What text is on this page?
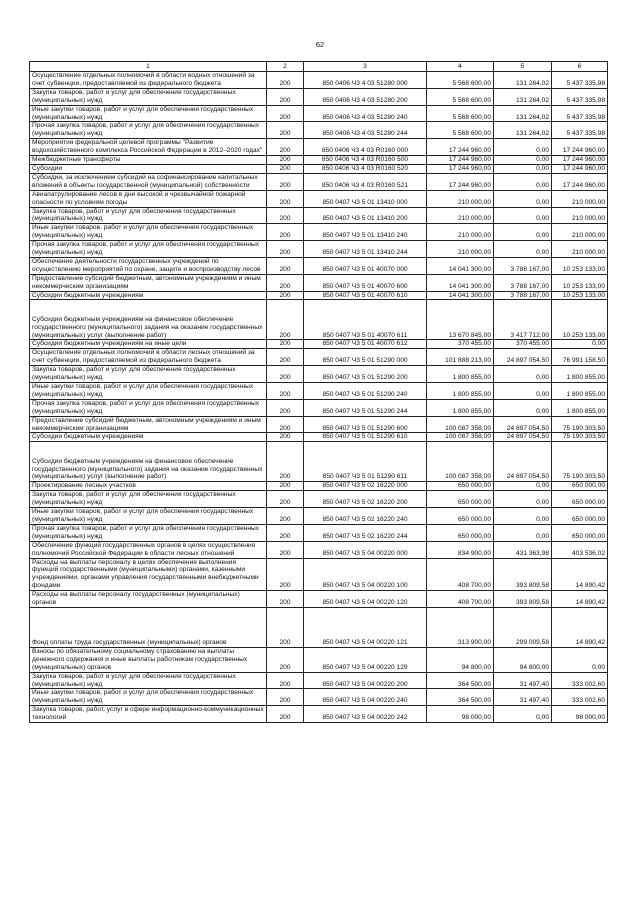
62
1	2	3	4	5	6
Осуществление отдельных полномочий в области водных отношений за счет субвенции, предоставляемой из федерального бюджета	200	850 0406 Ч3 4 03 51280 000	5 568 600,00	131 264,02	5 437 335,98
Закупка товаров, работ и услуг для обеспечения государственных (муниципальных) нужд	200	850 0406 Ч3 4 03 51280 200	5 568 600,00	131 264,02	5 437 335,98
Иные закупки товаров, работ и услуг для обеспечения государственных (муниципальных) нужд	200	850 0406 Ч3 4 03 51280 240	5 568 600,00	131 264,02	5 437 335,98
Прочая закупка товаров, работ и услуг для обеспечения государственных (муниципальных) нужд	200	850 0406 Ч3 4 03 51280 244	5 568 600,00	131 264,02	5 437 335,98
Мероприятия федеральной целевой программы "Развитие водохозяйственного комплекса Российской Федерации в 2012–2020 годах"	200	850 0406 Ч3 4 03 R0160 000	17 244 960,00	0,00	17 244 960,00
Межбюджетные трансферты	200	850 0406 Ч3 4 03 R0160 500	17 244 960,00	0,00	17 244 960,00
Субсидии	200	850 0406 Ч3 4 03 R0160 520	17 244 960,00	0,00	17 244 960,00
Субсидии, за исключением субсидий на софинансирование капитальных вложений в объекты государственной (муниципальной) собственности	200	850 0406 Ч3 4 03 R0160 521	17 244 960,00	0,00	17 244 960,00
Авиапатрулирование лесов в дни высокой и чрезвычайной пожарной опасности по условиям погоды	200	850 0407 Ч3 5 01 13410 000	210 000,00	0,00	210 000,00
Закупка товаров, работ и услуг для обеспечения государственных (муниципальных) нужд	200	850 0407 Ч3 5 01 13410 200	210 000,00	0,00	210 000,00
Иные закупки товаров, работ и услуг для обеспечения государственных (муниципальных) нужд	200	850 0407 Ч3 5 01 13410 240	210 000,00	0,00	210 000,00
Прочая закупка товаров, работ и услуг для обеспечения государственных (муниципальных) нужд	200	850 0407 Ч3 5 01 13410 244	210 000,00	0,00	210 000,00
Обеспечение деятельности государственных учреждений по осуществлению мероприятий по охране, защите и воспроизводству лесов	200	850 0407 Ч3 5 01 40070 000	14 041 300,00	3 788 167,00	10 253 133,00
Предоставление субсидий бюджетным, автономным учреждениям и иным некоммерческим организациям	200	850 0407 Ч3 5 01 40070 600	14 041 300,00	3 788 167,00	10 253 133,00
Субсидии бюджетным учреждениям	200	850 0407 Ч3 5 01 40070 610	14 041 300,00	3 788 167,00	10 253 133,00
Субсидии бюджетным учреждениям на финансовое обеспечение государственного (муниципального) задания на оказание государственных (муниципальных) услуг (выполнение работ)	200	850 0407 Ч3 5 01 40070 611	13 670 845,00	3 417 712,00	10 253 133,00
Субсидии бюджетным учреждениям на иные цели	200	850 0407 Ч3 5 01 40070 612	370 455,00	370 455,00	0,00
Осуществление отдельных полномочий в области лесных отношений за счет субвенции, предоставляемой из федерального бюджета	200	850 0407 Ч3 5 01 51290 000	101 888 213,00	24 897 054,50	76 991 158,50
Закупка товаров, работ и услуг для обеспечения государственных (муниципальных) нужд	200	850 0407 Ч3 5 01 51290 200	1 800 855,00	0,00	1 800 855,00
Иные закупки товаров, работ и услуг для обеспечения государственных (муниципальных) нужд	200	850 0407 Ч3 5 01 51290 240	1 800 855,00	0,00	1 800 855,00
Прочая закупка товаров, работ и услуг для обеспечения государственных (муниципальных) нужд	200	850 0407 Ч3 5 01 51290 244	1 800 855,00	0,00	1 800 855,00
Предоставление субсидий бюджетным, автономным учреждениям и иным некоммерческим организациям	200	850 0407 Ч3 5 01 51290 600	100 087 358,00	24 897 054,50	75 190 303,50
Субсидии бюджетным учреждениям	200	850 0407 Ч3 5 01 51290 610	100 087 358,00	24 897 054,50	75 190 303,50
Субсидии бюджетным учреждениям на финансовое обеспечение государственного (муниципального) задания на оказание государственных (муниципальных) услуг (выполнение работ)	200	850 0407 Ч3 5 01 51290 611	100 087 358,00	24 897 054,50	75 190 303,50
Проектирование лесных участков	200	850 0407 Ч3 5 02 16220 000	650 000,00	0,00	650 000,00
Закупка товаров, работ и услуг для обеспечения государственных (муниципальных) нужд	200	850 0407 Ч3 5 02 16220 200	650 000,00	0,00	650 000,00
Иные закупки товаров, работ и услуг для обеспечения государственных (муниципальных) нужд	200	850 0407 Ч3 5 02 16220 240	650 000,00	0,00	650 000,00
Прочая закупка товаров, работ и услуг для обеспечения государственных (муниципальных) нужд	200	850 0407 Ч3 5 02 16220 244	650 000,00	0,00	650 000,00
Обеспечение функций государственных органов в целях осуществления полномочий Российской Федерации в области лесных отношений	200	850 0407 Ч3 5 04 00220 000	834 900,00	431 363,98	403 536,02
Расходы на выплаты персоналу в целях обеспечения выполнения функций государственными (муниципальными) органами, казенными учреждениями, органами управления государственными внебюджетными фондами	200	850 0407 Ч3 5 04 00220 100	408 700,00	393 809,58	14 890,42
Расходы на выплаты персоналу государственных (муниципальных) органов	200	850 0407 Ч3 5 04 00220 120	408 700,00	393 809,58	14 890,42
Фонд оплаты труда государственных (муниципальных) органов	200	850 0407 Ч3 5 04 00220 121	313 900,00	299 009,58	14 890,42
Взносы по обязательному социальному страхованию на выплаты денежного содержания и иные выплаты работникам государственных (муниципальных) органов	200	850 0407 Ч3 5 04 00220 129	94 800,00	94 800,00	0,00
Закупка товаров, работ и услуг для обеспечения государственных (муниципальных) нужд	200	850 0407 Ч3 5 04 00220 200	364 500,00	31 497,40	333 002,60
Иные закупки товаров, работ и услуг для обеспечения государственных (муниципальных) нужд	200	850 0407 Ч3 5 04 00220 240	364 500,00	31 497,40	333 002,60
Закупка товаров, работ, услуг в сфере информационно-коммуникационных технологий	200	850 0407 Ч3 5 04 00220 242	98 000,00	0,00	98 000,00
